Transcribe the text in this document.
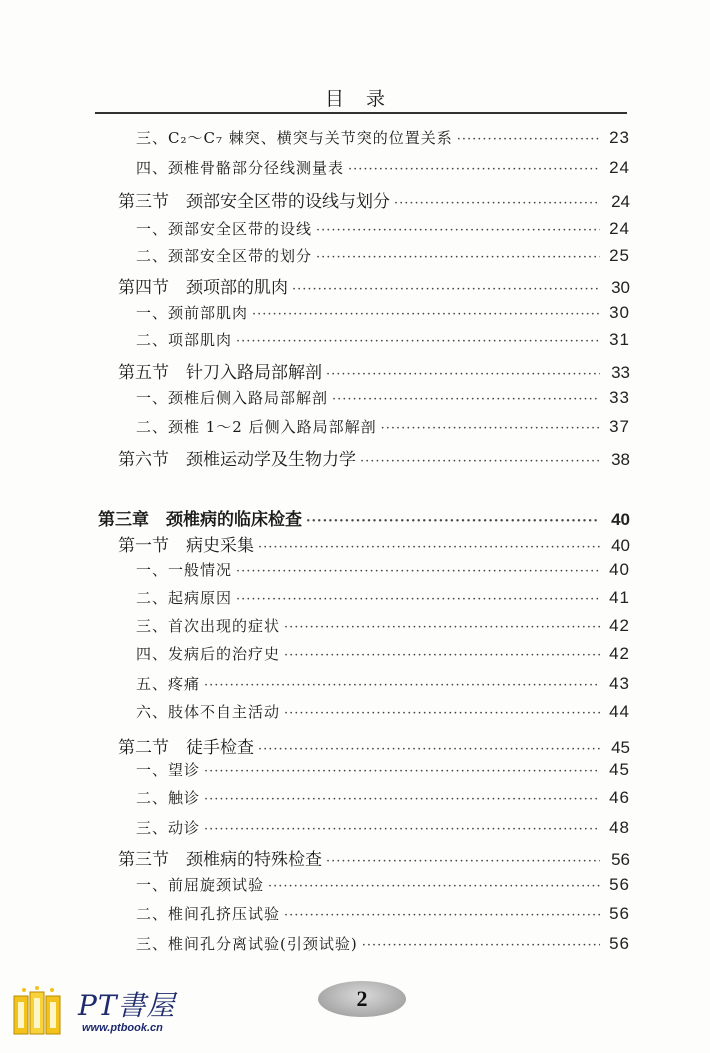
目录
三、C₂～C₇ 棘突、横突与关节突的位置关系 ·····	23
四、颈椎骨骼部分径线测量表 ·····	24
第三节　颈部安全区带的设线与划分 ·····	24
一、颈部安全区带的设线 ·····	24
二、颈部安全区带的划分 ·····	25
第四节　颈项部的肌肉 ·····	30
一、颈前部肌肉 ·····	30
二、项部肌肉 ·····	31
第五节　针刀入路局部解剖 ·····	33
一、颈椎后侧入路局部解剖 ·····	33
二、颈椎 1～2 后侧入路局部解剖 ·····	37
第六节　颈椎运动学及生物力学 ·····	38
第三章　颈椎病的临床检查 ·····	40
第一节　病史采集 ·····	40
一、一般情况 ·····	40
二、起病原因 ·····	41
三、首次出现的症状 ·····	42
四、发病后的治疗史 ·····	42
五、疼痛 ·····	43
六、肢体不自主活动 ·····	44
第二节　徒手检查 ·····	45
一、望诊 ·····	45
二、触诊 ·····	46
三、动诊 ·····	48
第三节　颈椎病的特殊检查 ·····	56
一、前屈旋颈试验 ·····	56
二、椎间孔挤压试验 ·····	56
三、椎间孔分离试验(引颈试验) ·····	56
PT書屋
www.ptbook.cn
2
